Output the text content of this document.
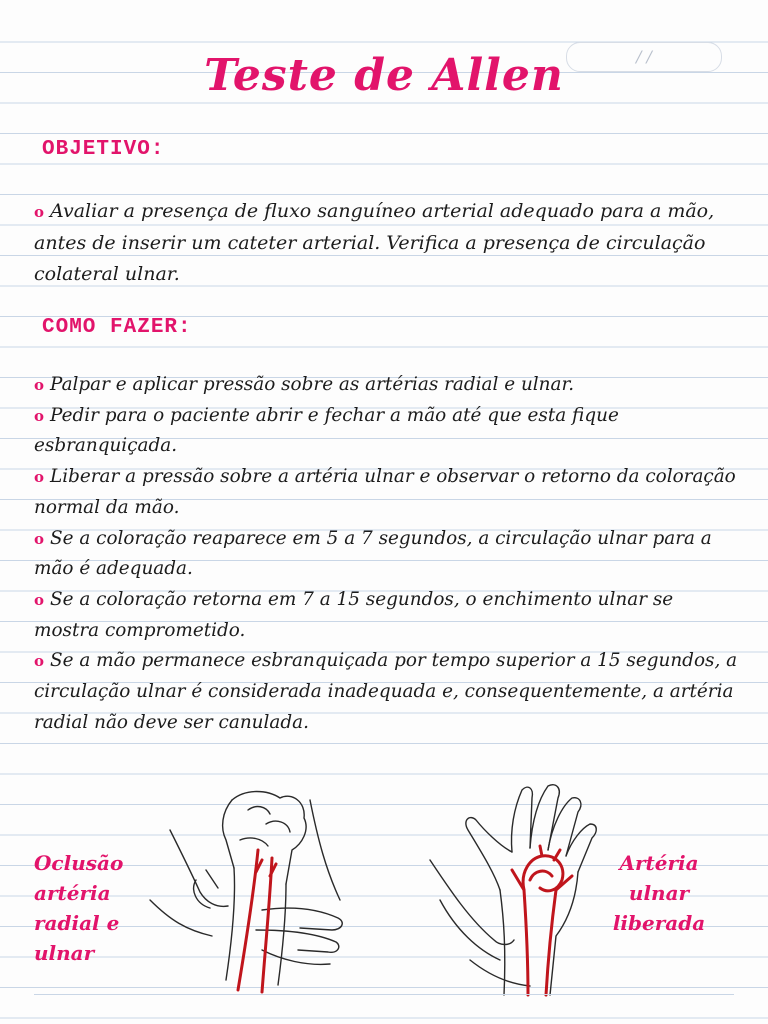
/ /
Teste de Allen
OBJETIVO:

o Avaliar a presença de fluxo sanguíneo arterial adequado para a mão, antes de inserir um cateter arterial. Verifica a presença de circulação colateral ulnar.

COMO FAZER:
o Palpar e aplicar pressão sobre as artérias radial e ulnar.
o Pedir para o paciente abrir e fechar a mão até que esta fique esbranquiçada.
o Liberar a pressão sobre a artéria ulnar e observar o retorno da coloração normal da mão.
o Se a coloração reaparece em 5 a 7 segundos, a circulação ulnar para a mão é adequada.
o Se a coloração retorna em 7 a 15 segundos, o enchimento ulnar se mostra comprometido.
o Se a mão permanece esbranquiçada por tempo superior a 15 segundos, a circulação ulnar é considerada inadequada e, consequentemente, a artéria radial não deve ser canulada.
Oclusão
artéria
radial e
ulnar
Artéria
ulnar
liberada
